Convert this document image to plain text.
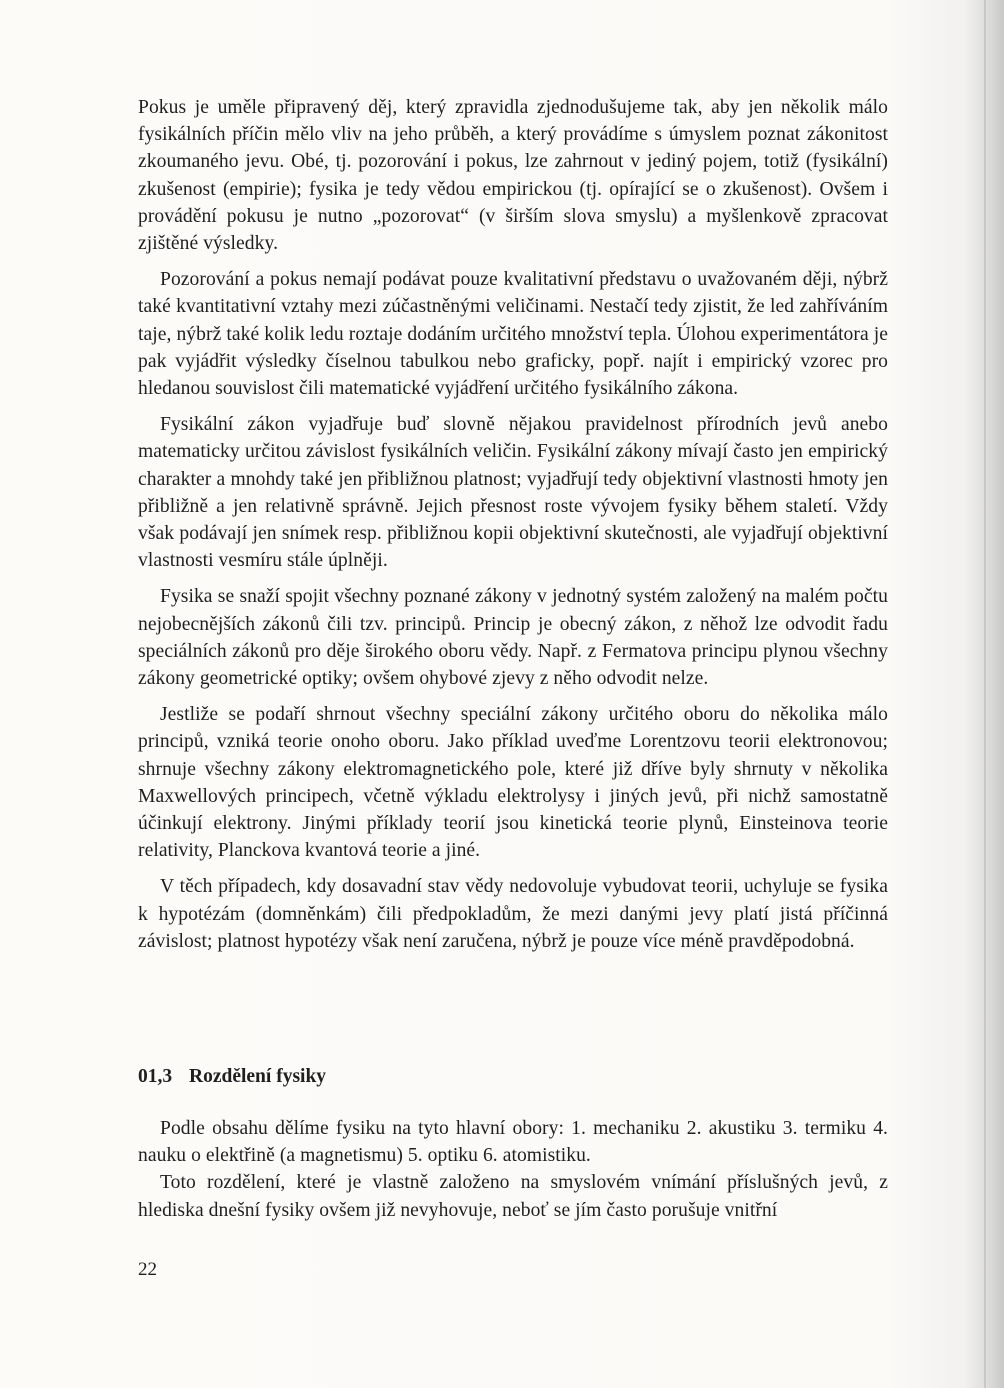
Pokus je uměle připravený děj, který zpravidla zjednodušujeme tak, aby jen několik málo fysikálních příčin mělo vliv na jeho průběh, a který provádíme s úmyslem poznat zákonitost zkoumaného jevu. Obé, tj. pozorování i pokus, lze zahrnout v jediný pojem, totiž (fysikální) zkušenost (empirie); fysika je tedy vědou empirickou (tj. opírající se o zkušenost). Ovšem i provádění pokusu je nutno „pozorovat“ (v širším slova smyslu) a myšlenkově zpracovat zjištěné výsledky.

Pozorování a pokus nemají podávat pouze kvalitativní představu o uvažovaném ději, nýbrž také kvantitativní vztahy mezi zúčastněnými veličinami. Nestačí tedy zjistit, že led zahříváním taje, nýbrž také kolik ledu roztaje dodáním určitého množství tepla. Úlohou experimentátora je pak vyjádřit výsledky číselnou tabulkou nebo graficky, popř. najít i empirický vzorec pro hledanou souvislost čili matematické vyjádření určitého fysikálního zákona.

Fysikální zákon vyjadřuje buď slovně nějakou pravidelnost přírodních jevů anebo matematicky určitou závislost fysikálních veličin. Fysikální zákony mívají často jen empirický charakter a mnohdy také jen přibližnou platnost; vyjadřují tedy objektivní vlastnosti hmoty jen přibližně a jen relativně správně. Jejich přesnost roste vývojem fysiky během staletí. Vždy však podávají jen snímek resp. přibližnou kopii objektivní skutečnosti, ale vyjadřují objektivní vlastnosti vesmíru stále úplněji.

Fysika se snaží spojit všechny poznané zákony v jednotný systém založený na malém počtu nejobecnějších zákonů čili tzv. principů. Princip je obecný zákon, z něhož lze odvodit řadu speciálních zákonů pro děje širokého oboru vědy. Např. z Fermatova principu plynou všechny zákony geometrické optiky; ovšem ohybové zjevy z něho odvodit nelze.

Jestliže se podaří shrnout všechny speciální zákony určitého oboru do několika málo principů, vzniká teorie onoho oboru. Jako příklad uveďme Lorentzovu teorii elektronovou; shrnuje všechny zákony elektromagnetického pole, které již dříve byly shrnuty v několika Maxwellových principech, včetně výkladu elektrolysy i jiných jevů, při nichž samostatně účinkují elektrony. Jinými příklady teorií jsou kinetická teorie plynů, Einsteinova teorie relativity, Planckova kvantová teorie a jiné.

V těch případech, kdy dosavadní stav vědy nedovoluje vybudovat teorii, uchyluje se fysika k hypotézám (domněnkám) čili předpokladům, že mezi danými jevy platí jistá příčinná závislost; platnost hypotézy však není zaručena, nýbrž je pouze více méně pravděpodobná.

01,3 Rozdělení fysiky

Podle obsahu dělíme fysiku na tyto hlavní obory: 1. mechaniku 2. akustiku 3. termiku 4. nauku o elektřině (a magnetismu) 5. optiku 6. atomistiku.

Toto rozdělení, které je vlastně založeno na smyslovém vnímání příslušných jevů, z hlediska dnešní fysiky ovšem již nevyhovuje, neboť se jím často porušuje vnitřní

22
